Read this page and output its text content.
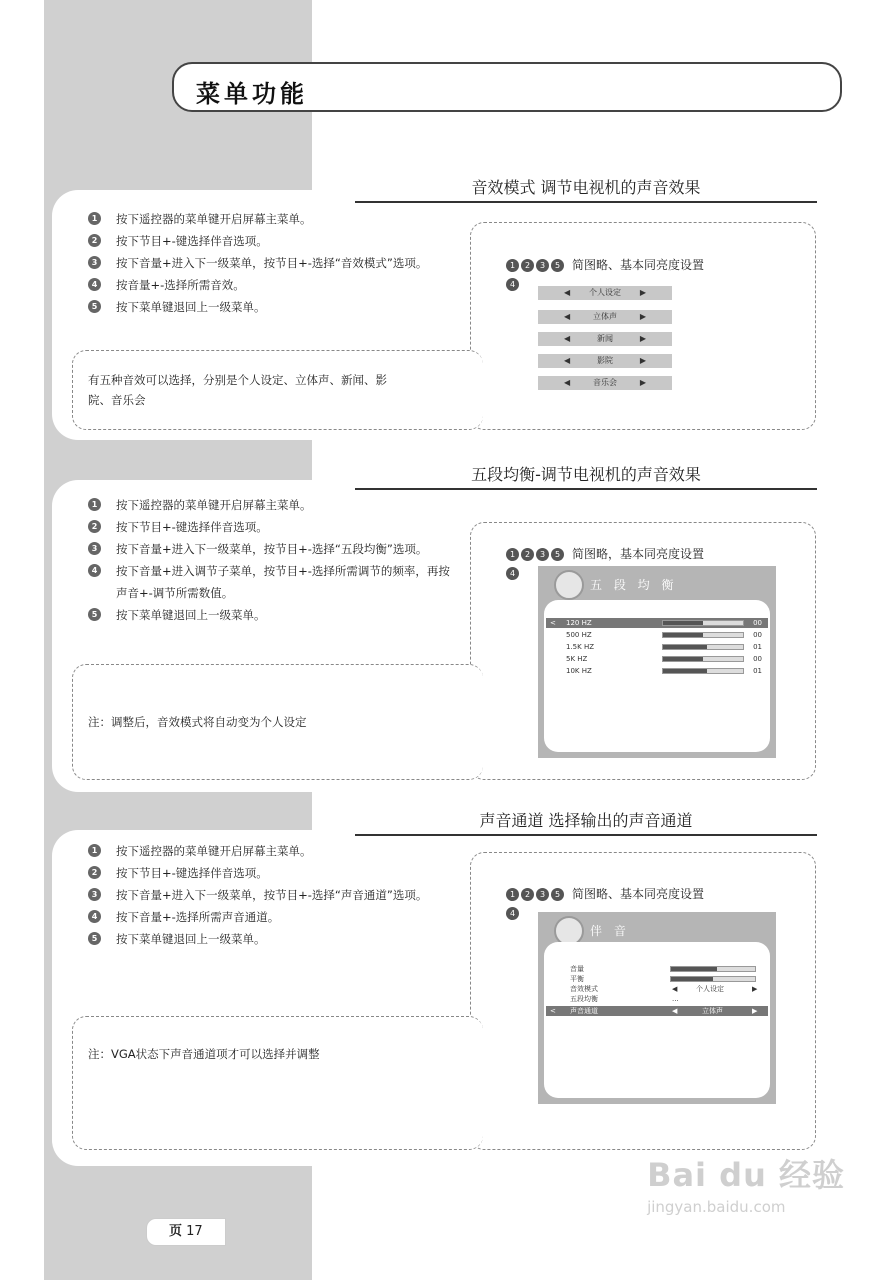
菜单功能
音效模式 调节电视机的声音效果
1	按下遥控器的菜单键开启屏幕主菜单。
2	按下节目+-键选择伴音选项。
3	按下音量+进入下一级菜单，按节目+-选择“音效模式”选项。
4	按音量+-选择所需音效。
5	按下菜单键退回上一级菜单。
有五种音效可以选择，分别是个人设定、立体声、新闻、影院、音乐会
1 2 3 5 简图略、基本同亮度设置
4
◀	个人设定	▶
◀	立体声	▶
◀	新闻	▶
◀	影院	▶
◀	音乐会	▶
五段均衡-调节电视机的声音效果
1	按下遥控器的菜单键开启屏幕主菜单。
2	按下节目+-键选择伴音选项。
3	按下音量+进入下一级菜单，按节目+-选择“五段均衡”选项。
4	按下音量+进入调节子菜单，按节目+-选择所需调节的频率，再按声音+-调节所需数值。
5	按下菜单键退回上一级菜单。
注：调整后，音效模式将自动变为个人设定
1 2 3 5 简图略，基本同亮度设置
4
五 段 均 衡
< 120 HZ	00
500 HZ	00
1.5K HZ	01
5K HZ	00
10K HZ	01
声音通道 选择输出的声音通道
1	按下遥控器的菜单键开启屏幕主菜单。
2	按下节目+-键选择伴音选项。
3	按下音量+进入下一级菜单，按节目+-选择“声音通道”选项。
4	按下音量+-选择所需声音通道。
5	按下菜单键退回上一级菜单。
注：VGA状态下声音通道项才可以选择并调整
1 2 3 5 简图略、基本同亮度设置
4
伴 音
音量
平衡
音效模式	◀	个人设定	▶
五段均衡	...
< 声音通道	◀	立体声	▶
页 17
Bai du 经验
jingyan.baidu.com
